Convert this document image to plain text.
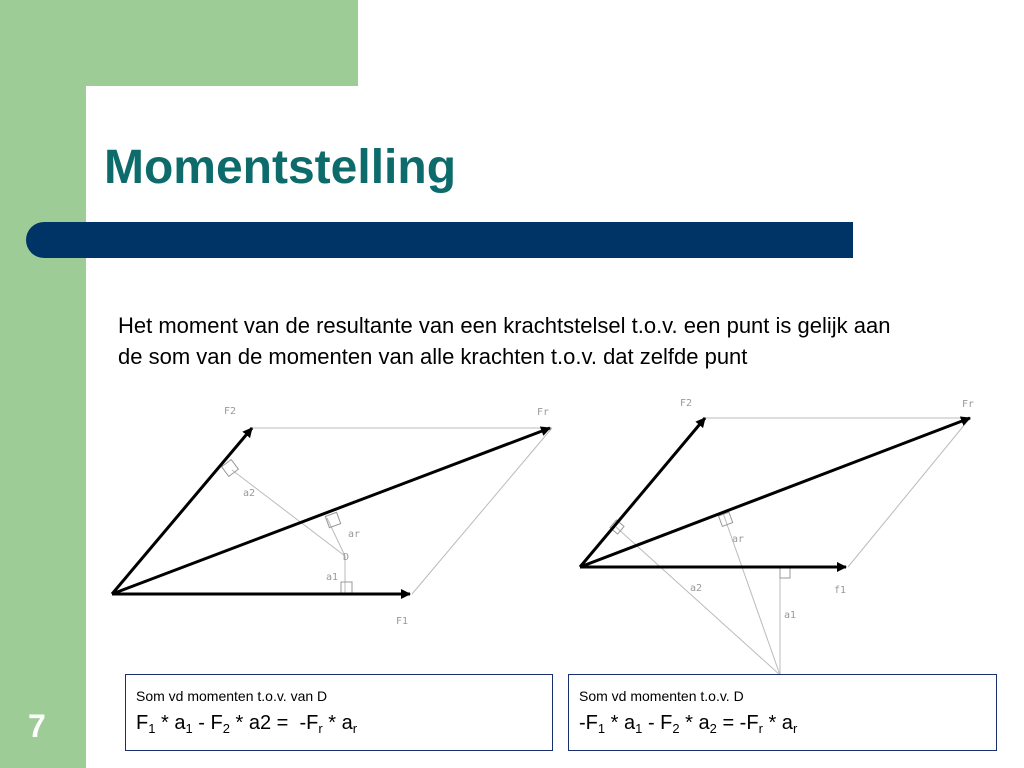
Momentstelling
Het moment van de resultante van een krachtstelsel t.o.v. een punt is gelijk aan de som van de momenten van alle krachten t.o.v. dat zelfde punt
F2	Fr
a2
ar
D
a1
F1
F2	Fr
ar
a2	f1
a1
Som vd momenten t.o.v. van D
$F_1 * a_1 - F_2 * a2 = -F_r * a_r$
Som vd momenten t.o.v. D
$-F_1 * a_1 - F_2 * a_2 = -F_r * a_r$
7
